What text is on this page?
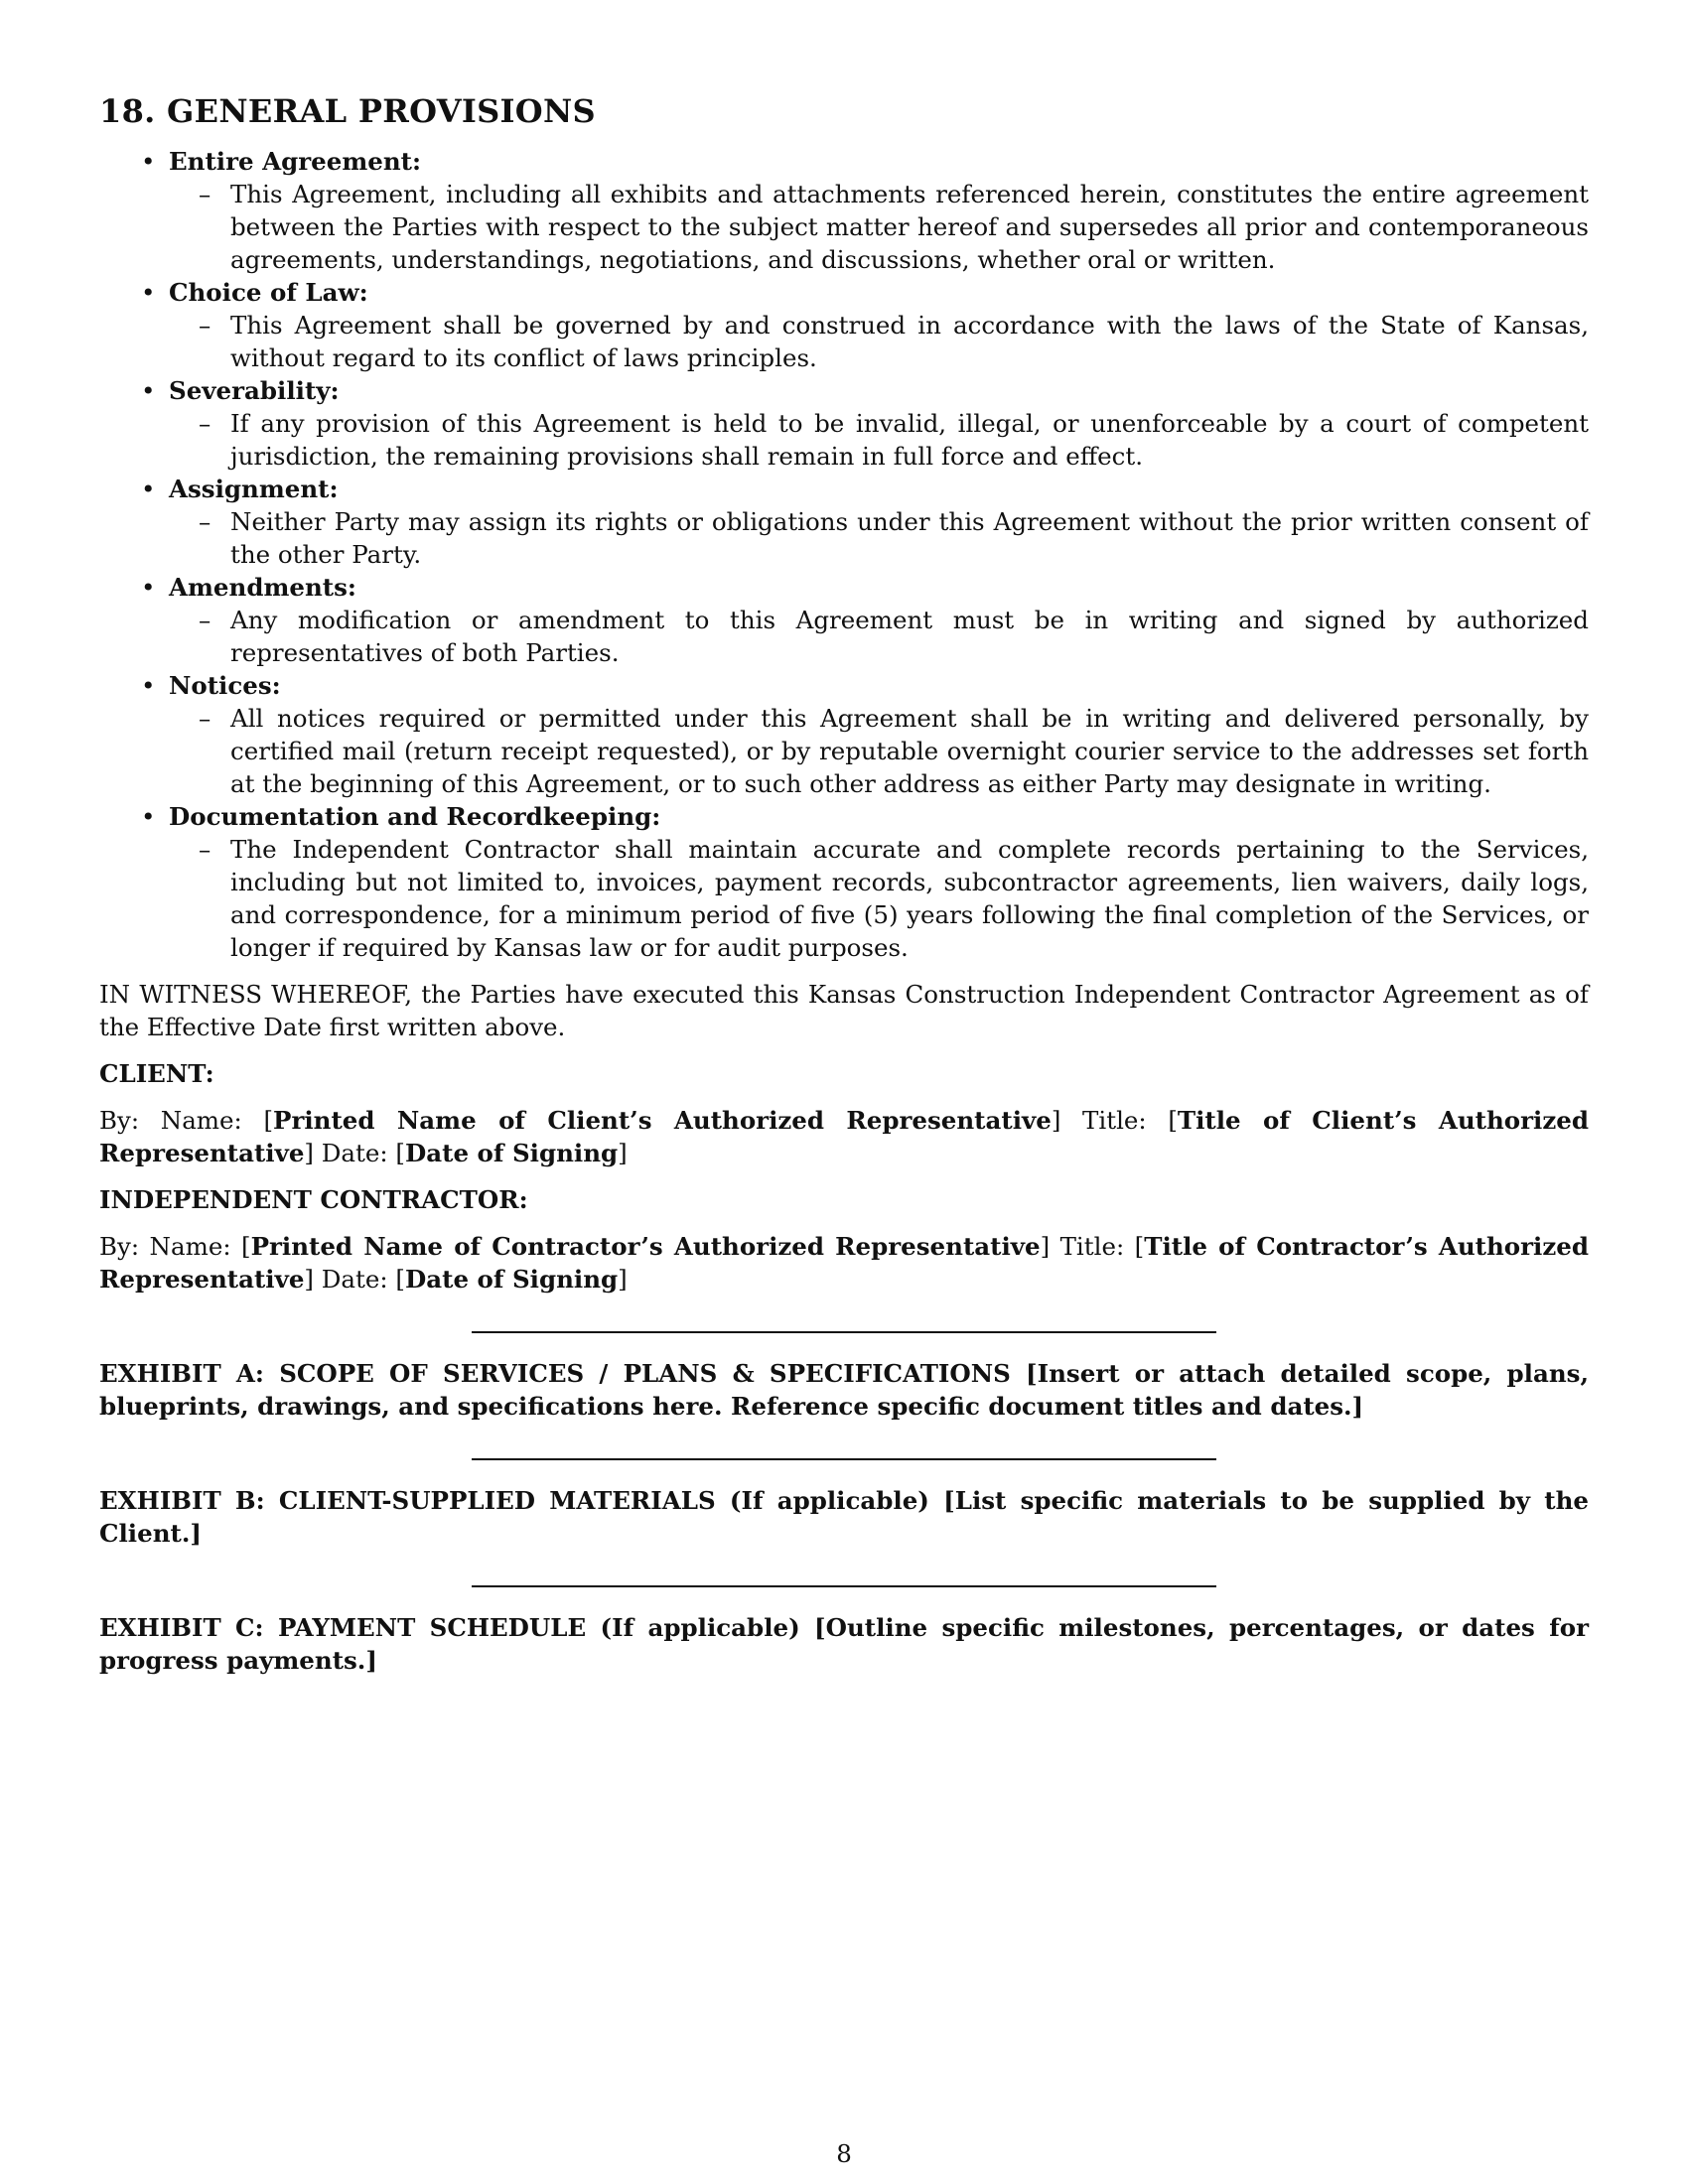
18. GENERAL PROVISIONS
• Entire Agreement:
– This Agreement, including all exhibits and attachments referenced herein, constitutes the entire agreement between the Parties with respect to the subject matter hereof and supersedes all prior and contemporaneous agreements, understandings, negotiations, and discussions, whether oral or written.
• Choice of Law:
– This Agreement shall be governed by and construed in accordance with the laws of the State of Kansas, without regard to its conflict of laws principles.
• Severability:
– If any provision of this Agreement is held to be invalid, illegal, or unenforceable by a court of competent jurisdiction, the remaining provisions shall remain in full force and effect.
• Assignment:
– Neither Party may assign its rights or obligations under this Agreement without the prior written consent of the other Party.
• Amendments:
– Any modification or amendment to this Agreement must be in writing and signed by authorized representatives of both Parties.
• Notices:
– All notices required or permitted under this Agreement shall be in writing and delivered personally, by certified mail (return receipt requested), or by reputable overnight courier service to the addresses set forth at the beginning of this Agreement, or to such other address as either Party may designate in writing.
• Documentation and Recordkeeping:
– The Independent Contractor shall maintain accurate and complete records pertaining to the Services, including but not limited to, invoices, payment records, subcontractor agreements, lien waivers, daily logs, and correspondence, for a minimum period of five (5) years following the final completion of the Services, or longer if required by Kansas law or for audit purposes.

IN WITNESS WHEREOF, the Parties have executed this Kansas Construction Independent Contractor Agreement as of the Effective Date first written above.

CLIENT:

By: Name: [Printed Name of Client’s Authorized Representative] Title: [Title of Client’s Authorized Representative] Date: [Date of Signing]

INDEPENDENT CONTRACTOR:

By: Name: [Printed Name of Contractor’s Authorized Representative] Title: [Title of Contractor’s Authorized Representative] Date: [Date of Signing]

EXHIBIT A: SCOPE OF SERVICES / PLANS & SPECIFICATIONS [Insert or attach detailed scope, plans, blueprints, drawings, and specifications here. Reference specific document titles and dates.]

EXHIBIT B: CLIENT-SUPPLIED MATERIALS (If applicable) [List specific materials to be supplied by the Client.]

EXHIBIT C: PAYMENT SCHEDULE (If applicable) [Outline specific milestones, percentages, or dates for progress payments.]

8
